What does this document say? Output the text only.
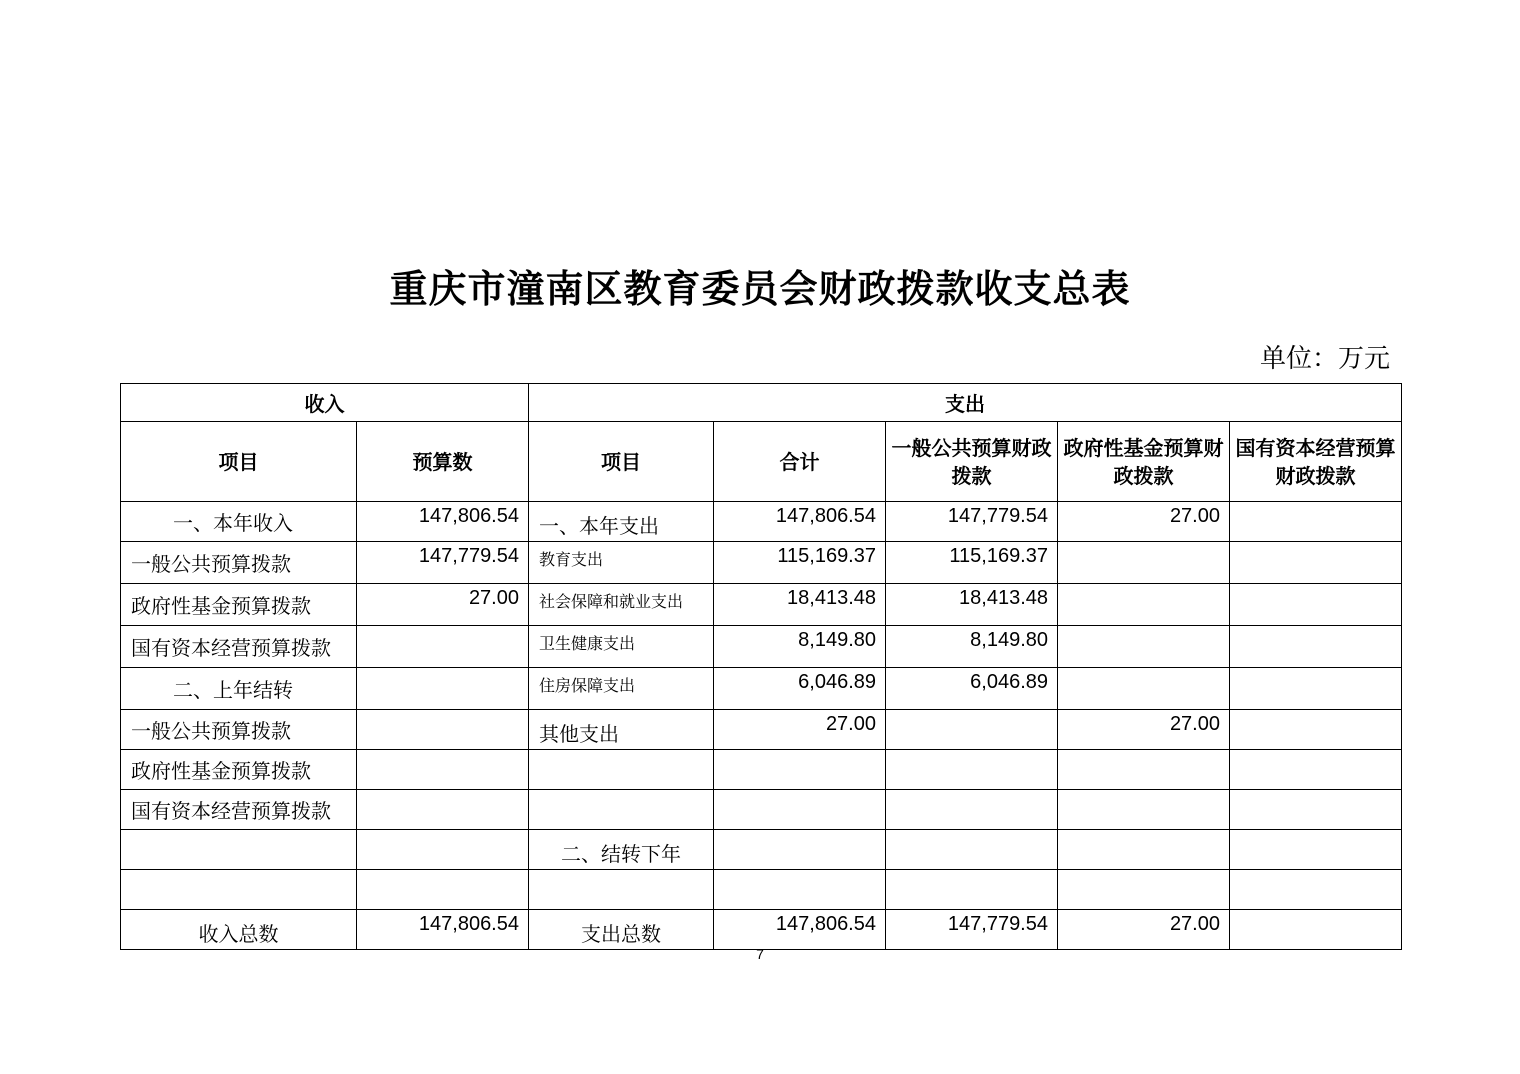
重庆市潼南区教育委员会财政拨款收支总表
单位：万元
收入		支出				
项目	预算数	项目	合计	一般公共预算财政拨款	政府性基金预算财政拨款	国有资本经营预算财政拨款
一、本年收入	147,806.54	一、本年支出	147,806.54	147,779.54	27.00	
一般公共预算拨款	147,779.54	教育支出	115,169.37	115,169.37		
政府性基金预算拨款	27.00	社会保障和就业支出	18,413.48	18,413.48		
国有资本经营预算拨款		卫生健康支出	8,149.80	8,149.80		
二、上年结转		住房保障支出	6,046.89	6,046.89		
一般公共预算拨款		其他支出	27.00		27.00	
政府性基金预算拨款						
国有资本经营预算拨款						
		二、结转下年				

收入总数	147,806.54	支出总数	147,806.54	147,779.54	27.00	
7
